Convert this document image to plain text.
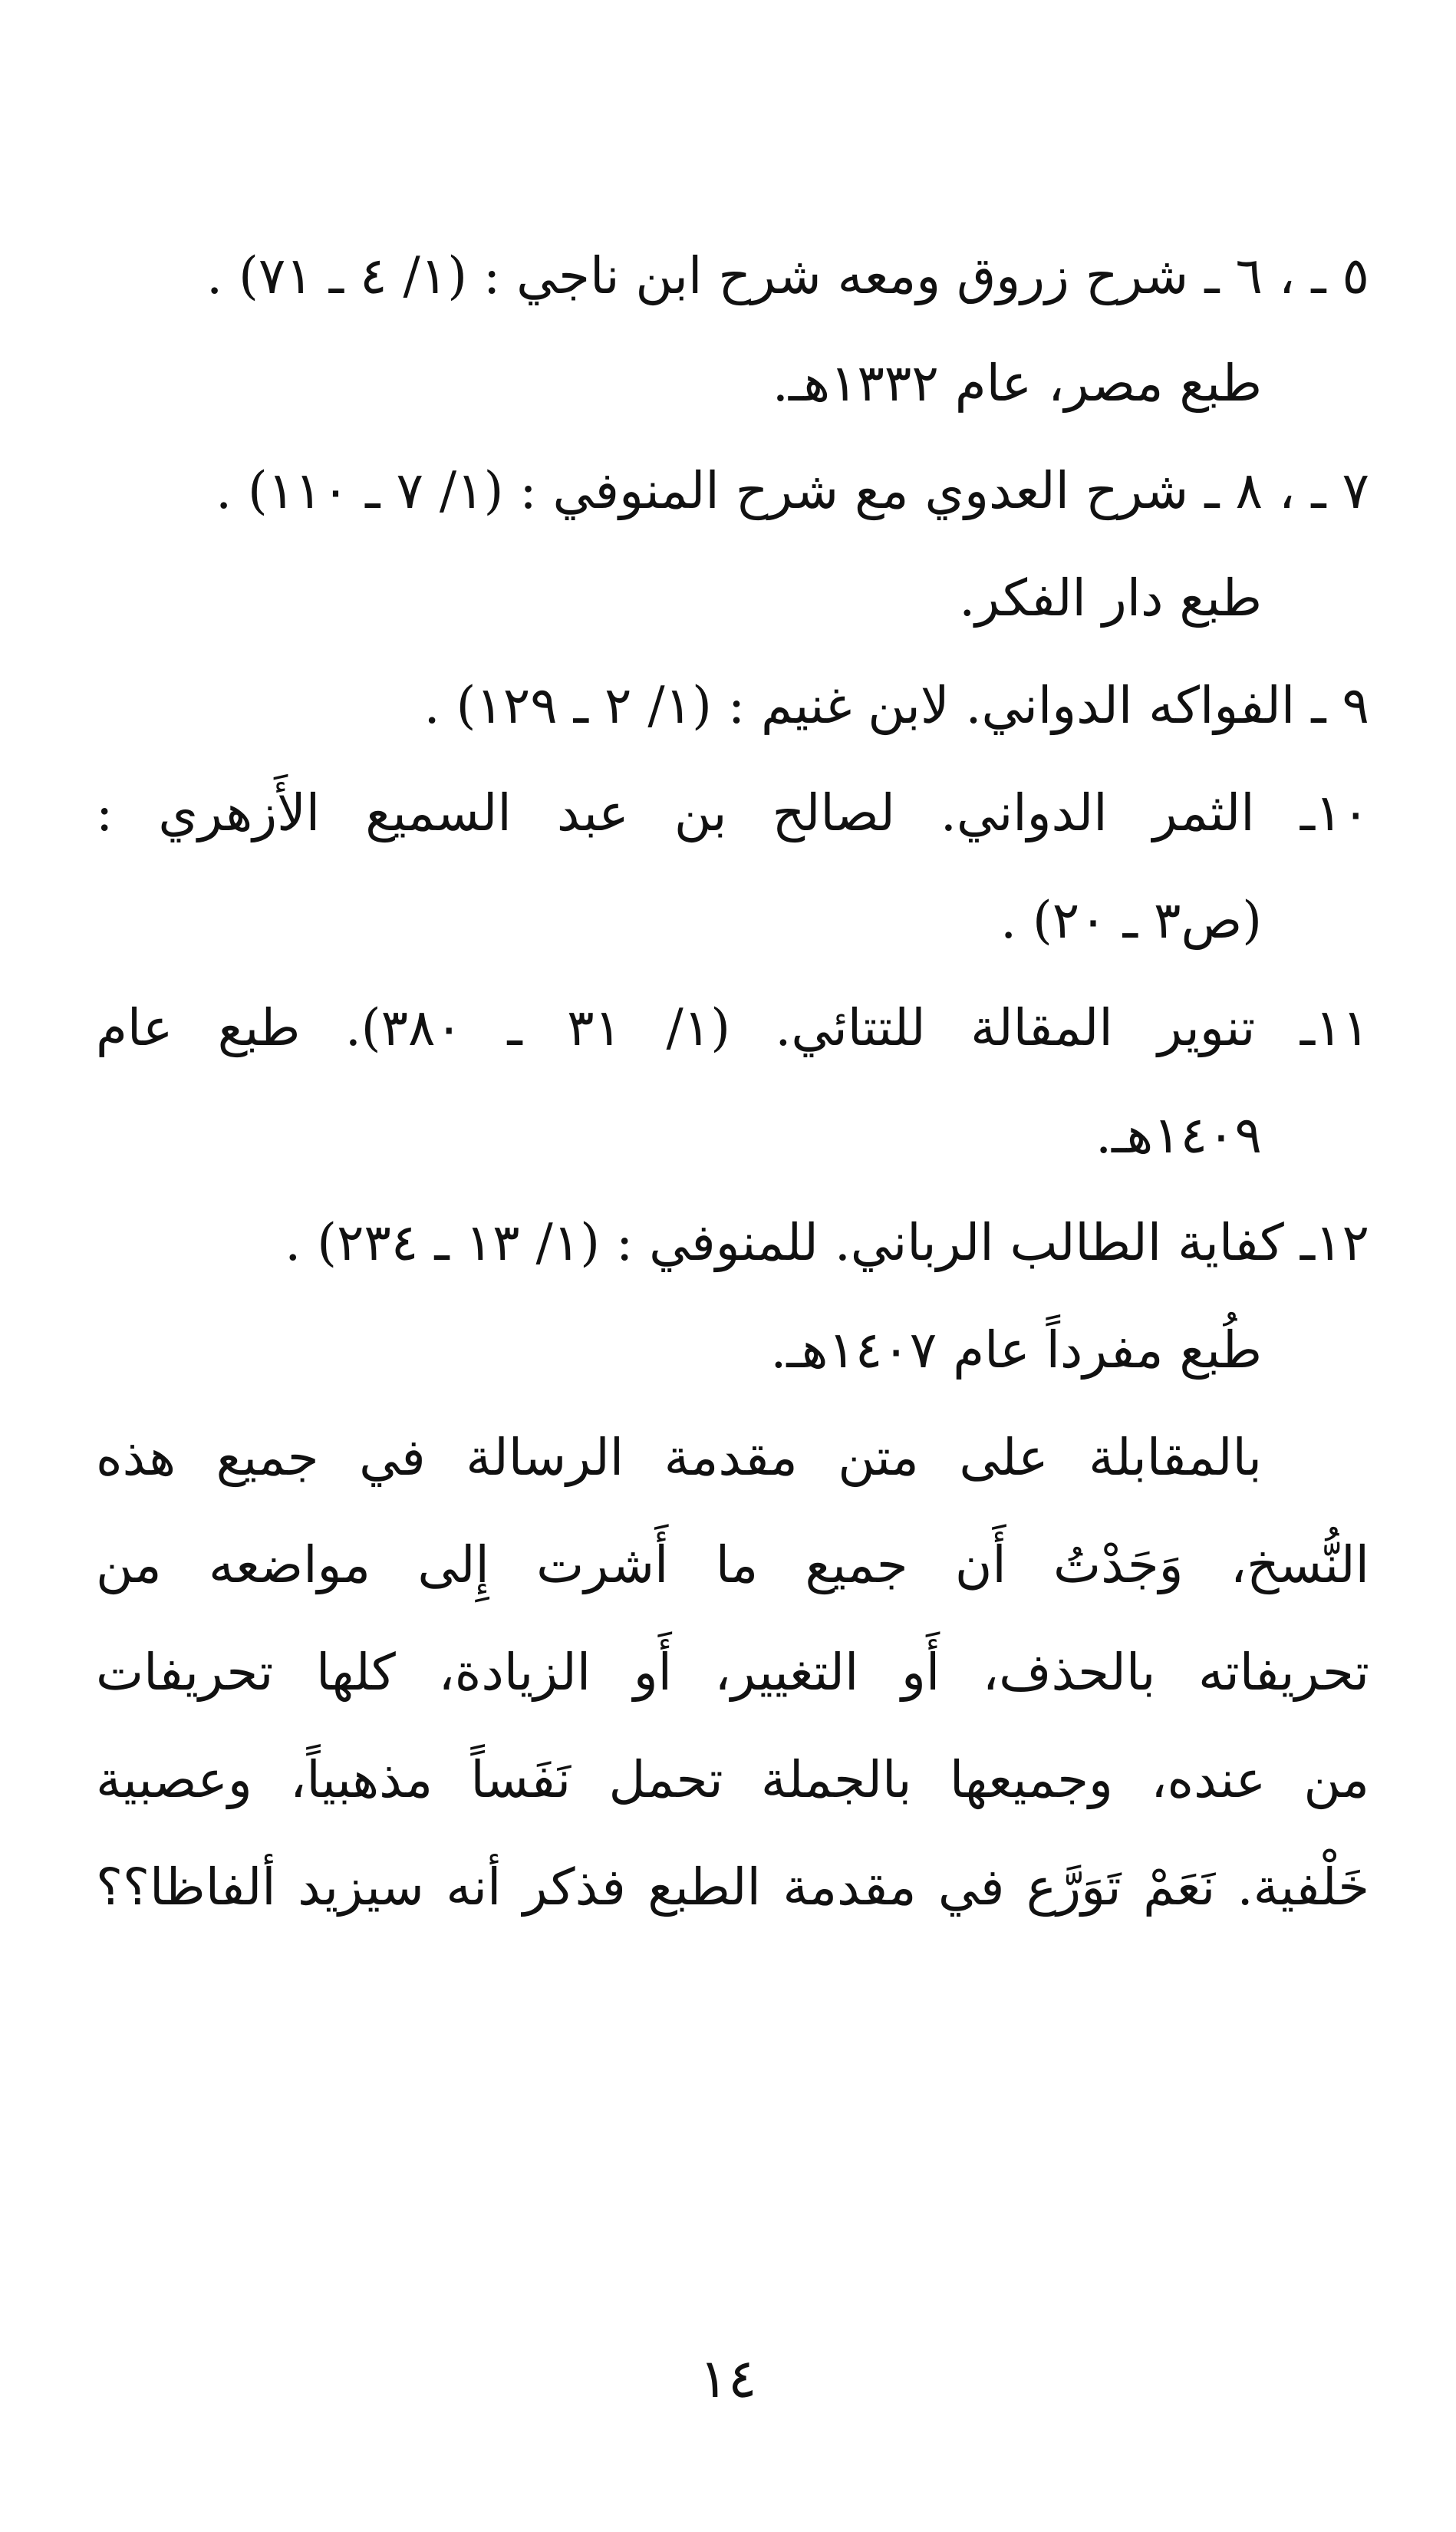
٥ ـ ، ٦ ـ شرح زروق ومعه شرح ابن ناجي : (١/ ٤ ـ ٧١) .
طبع مصر، عام ١٣٣٢هـ.
٧ ـ ، ٨ ـ شرح العدوي مع شرح المنوفي : (١/ ٧ ـ ١١٠) .
طبع دار الفكر.
٩ ـ الفواكه الدواني. لابن غنيم : (١/ ٢ ـ ١٢٩) .
١٠ـ الثمر الدواني. لصالح بن عبد السميع الأَزهري :
(ص٣ ـ ٢٠) .
١١ـ تنوير المقالة للتتائي. (١/ ٣١ ـ ٣٨٠). طبع عام
١٤٠٩هـ.
١٢ـ كفاية الطالب الرباني. للمنوفي : (١/ ١٣ ـ ٢٣٤) .
طُبع مفرداً عام ١٤٠٧هـ.
بالمقابلة على متن مقدمة الرسالة في جميع هذه
النُّسخ، وَجَدْتُ أَن جميع ما أَشرت إِلى مواضعه من
تحريفاته بالحذف، أَو التغيير، أَو الزيادة، كلها تحريفات
من عنده، وجميعها بالجملة تحمل نَفَساً مذهبياً، وعصبية
خَلْفية. نَعَمْ تَوَرَّع في مقدمة الطبع فذكر أنه سيزيد ألفاظا؟؟
١٤
